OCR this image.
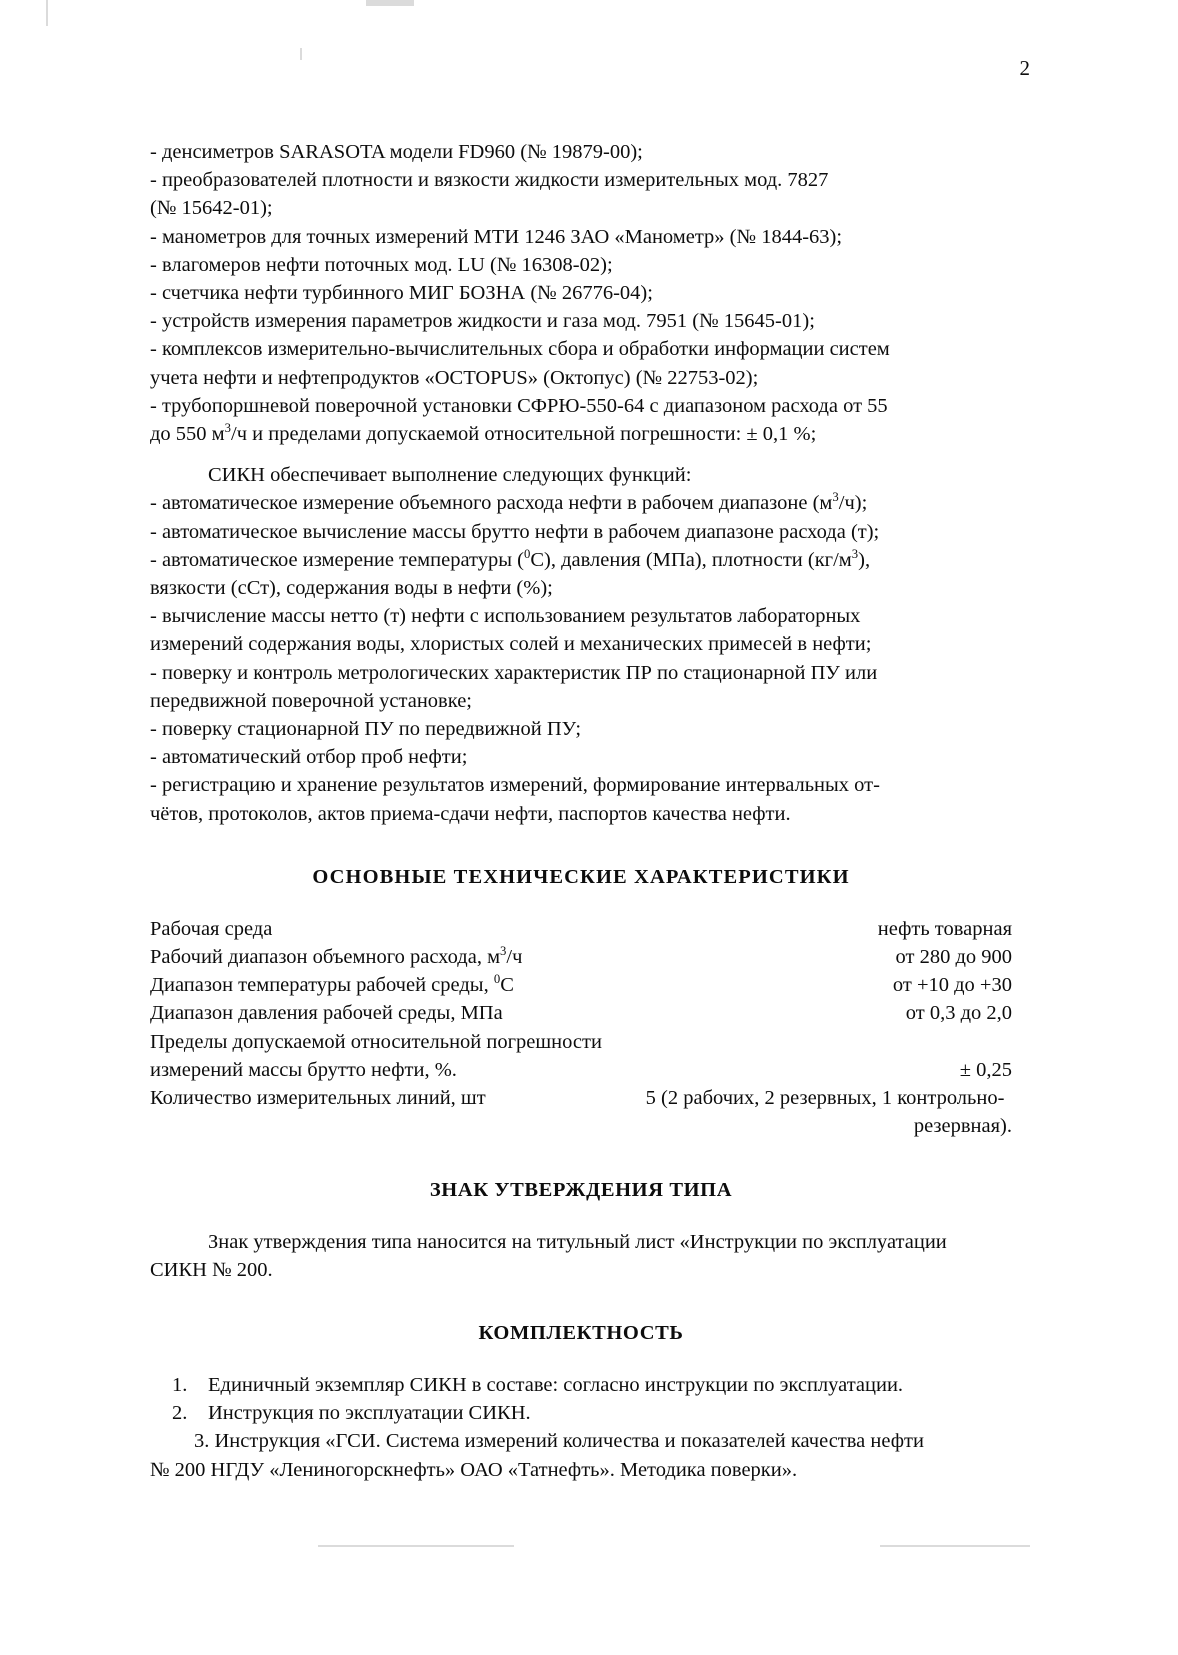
2

- денсиметров SARASOTA модели FD960 (№ 19879-00);

- преобразователей плотности и вязкости жидкости измерительных мод. 7827

(№ 15642-01);

- манометров для точных измерений МТИ 1246 ЗАО «Манометр» (№ 1844-63);

- влагомеров нефти поточных мод. LU (№ 16308-02);

- счетчика нефти турбинного МИГ БОЗНА (№ 26776-04);

- устройств измерения параметров жидкости и газа мод. 7951 (№ 15645-01);

- комплексов измерительно-вычислительных сбора и обработки информации систем

учета нефти и нефтепродуктов «OCTOPUS» (Октопус) (№ 22753-02);

- трубопоршневой поверочной установки СФРЮ-550-64 с диапазоном расхода от 55

до 550 $м^3/ч$ и пределами допускаемой относительной погрешности: ± 0,1 %;

СИКН обеспечивает выполнение следующих функций:

- автоматическое измерение объемного расхода нефти в рабочем диапазоне $(м^3/ч)$;

- автоматическое вычисление массы брутто нефти в рабочем диапазоне расхода (т);

- автоматическое измерение температуры ($^0$С), давления (МПа), плотности $(кг/м^3)$,

вязкости (сСт), содержания воды в нефти (%);

- вычисление массы нетто (т) нефти с использованием результатов лабораторных

измерений содержания воды, хлористых солей и механических примесей в нефти;

- поверку и контроль метрологических характеристик ПР по стационарной ПУ или

передвижной поверочной установке;

- поверку стационарной ПУ по передвижной ПУ;

- автоматический отбор проб нефти;

- регистрацию и хранение результатов измерений, формирование интервальных от-

чётов, протоколов, актов приема-сдачи нефти, паспортов качества нефти.

ОСНОВНЫЕ ТЕХНИЧЕСКИЕ ХАРАКТЕРИСТИКИ
Рабочая среда	нефть товарная
Рабочий диапазон объемного расхода, $м^3/ч$	от 280 до 900
Диапазон температуры рабочей среды, $^0$С	от +10 до +30
Диапазон давления рабочей среды, МПа	от 0,3 до 2,0
Пределы допускаемой относительной погрешности	
измерений массы брутто нефти, %.	± 0,25
Количество измерительных линий, шт	5 (2 рабочих, 2 резервных, 1 контрольно-
	резервная).
ЗНАК УТВЕРЖДЕНИЯ ТИПА

Знак утверждения типа наносится на титульный лист «Инструкции по эксплуатации

СИКН № 200.

КОМПЛЕКТНОСТЬ
1. Единичный экземпляр СИКН в составе: согласно инструкции по эксплуатации.
2. Инструкция по эксплуатации СИКН.
3. Инструкция «ГСИ. Система измерений количества и показателей качества нефти

№ 200 НГДУ «Лениногорскнефть» ОАО «Татнефть». Методика поверки».
